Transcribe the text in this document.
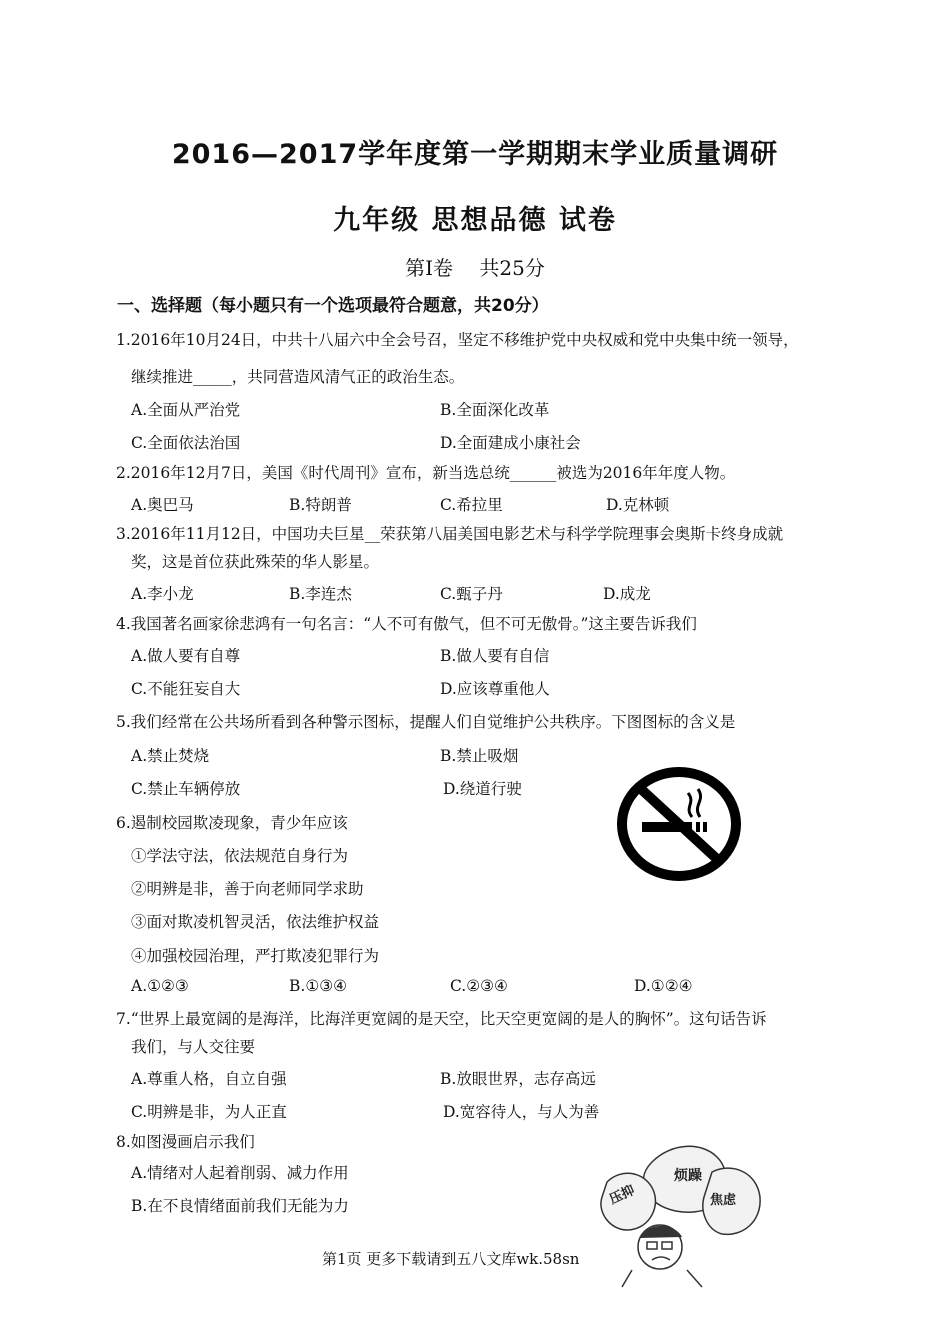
2016—2017学年度第一学期期末学业质量调研
九年级 思想品德 试卷
第Ⅰ卷　 共25分
一、选择题（每小题只有一个选项最符合题意，共20分）
1.2016年10月24日，中共十八届六中全会号召，坚定不移维护党中央权威和党中央集中统一领导，
继续推进_____，共同营造风清气正的政治生态。
A.全面从严治党	B.全面深化改革
C.全面依法治国	D.全面建成小康社会
2.2016年12月7日，美国《时代周刊》宣布，新当选总统______被选为2016年年度人物。
A.奥巴马	B.特朗普	C.希拉里	D.克林顿
3.2016年11月12日，中国功夫巨星__荣获第八届美国电影艺术与科学学院理事会奥斯卡终身成就
奖，这是首位获此殊荣的华人影星。
A.李小龙	B.李连杰	C.甄子丹	D.成龙
4.我国著名画家徐悲鸿有一句名言：“人不可有傲气，但不可无傲骨。”这主要告诉我们
A.做人要有自尊	B.做人要有自信
C.不能狂妄自大	D.应该尊重他人
5.我们经常在公共场所看到各种警示图标，提醒人们自觉维护公共秩序。下图图标的含义是
A.禁止焚烧	B.禁止吸烟
C.禁止车辆停放	D.绕道行驶
6.遏制校园欺凌现象，青少年应该
①学法守法，依法规范自身行为
②明辨是非，善于向老师同学求助
③面对欺凌机智灵活，依法维护权益
④加强校园治理，严打欺凌犯罪行为
A.①②③	B.①③④	C.②③④	D.①②④
7.“世界上最宽阔的是海洋，比海洋更宽阔的是天空，比天空更宽阔的是人的胸怀”。这句话告诉
我们，与人交往要
A.尊重人格，自立自强	B.放眼世界，志存高远
C.明辨是非，为人正直	D.宽容待人，与人为善
8.如图漫画启示我们
A.情绪对人起着削弱、减力作用
B.在不良情绪面前我们无能为力
烦躁
压抑	焦虑
第1页 更多下载请到五八文库wk.58sn
